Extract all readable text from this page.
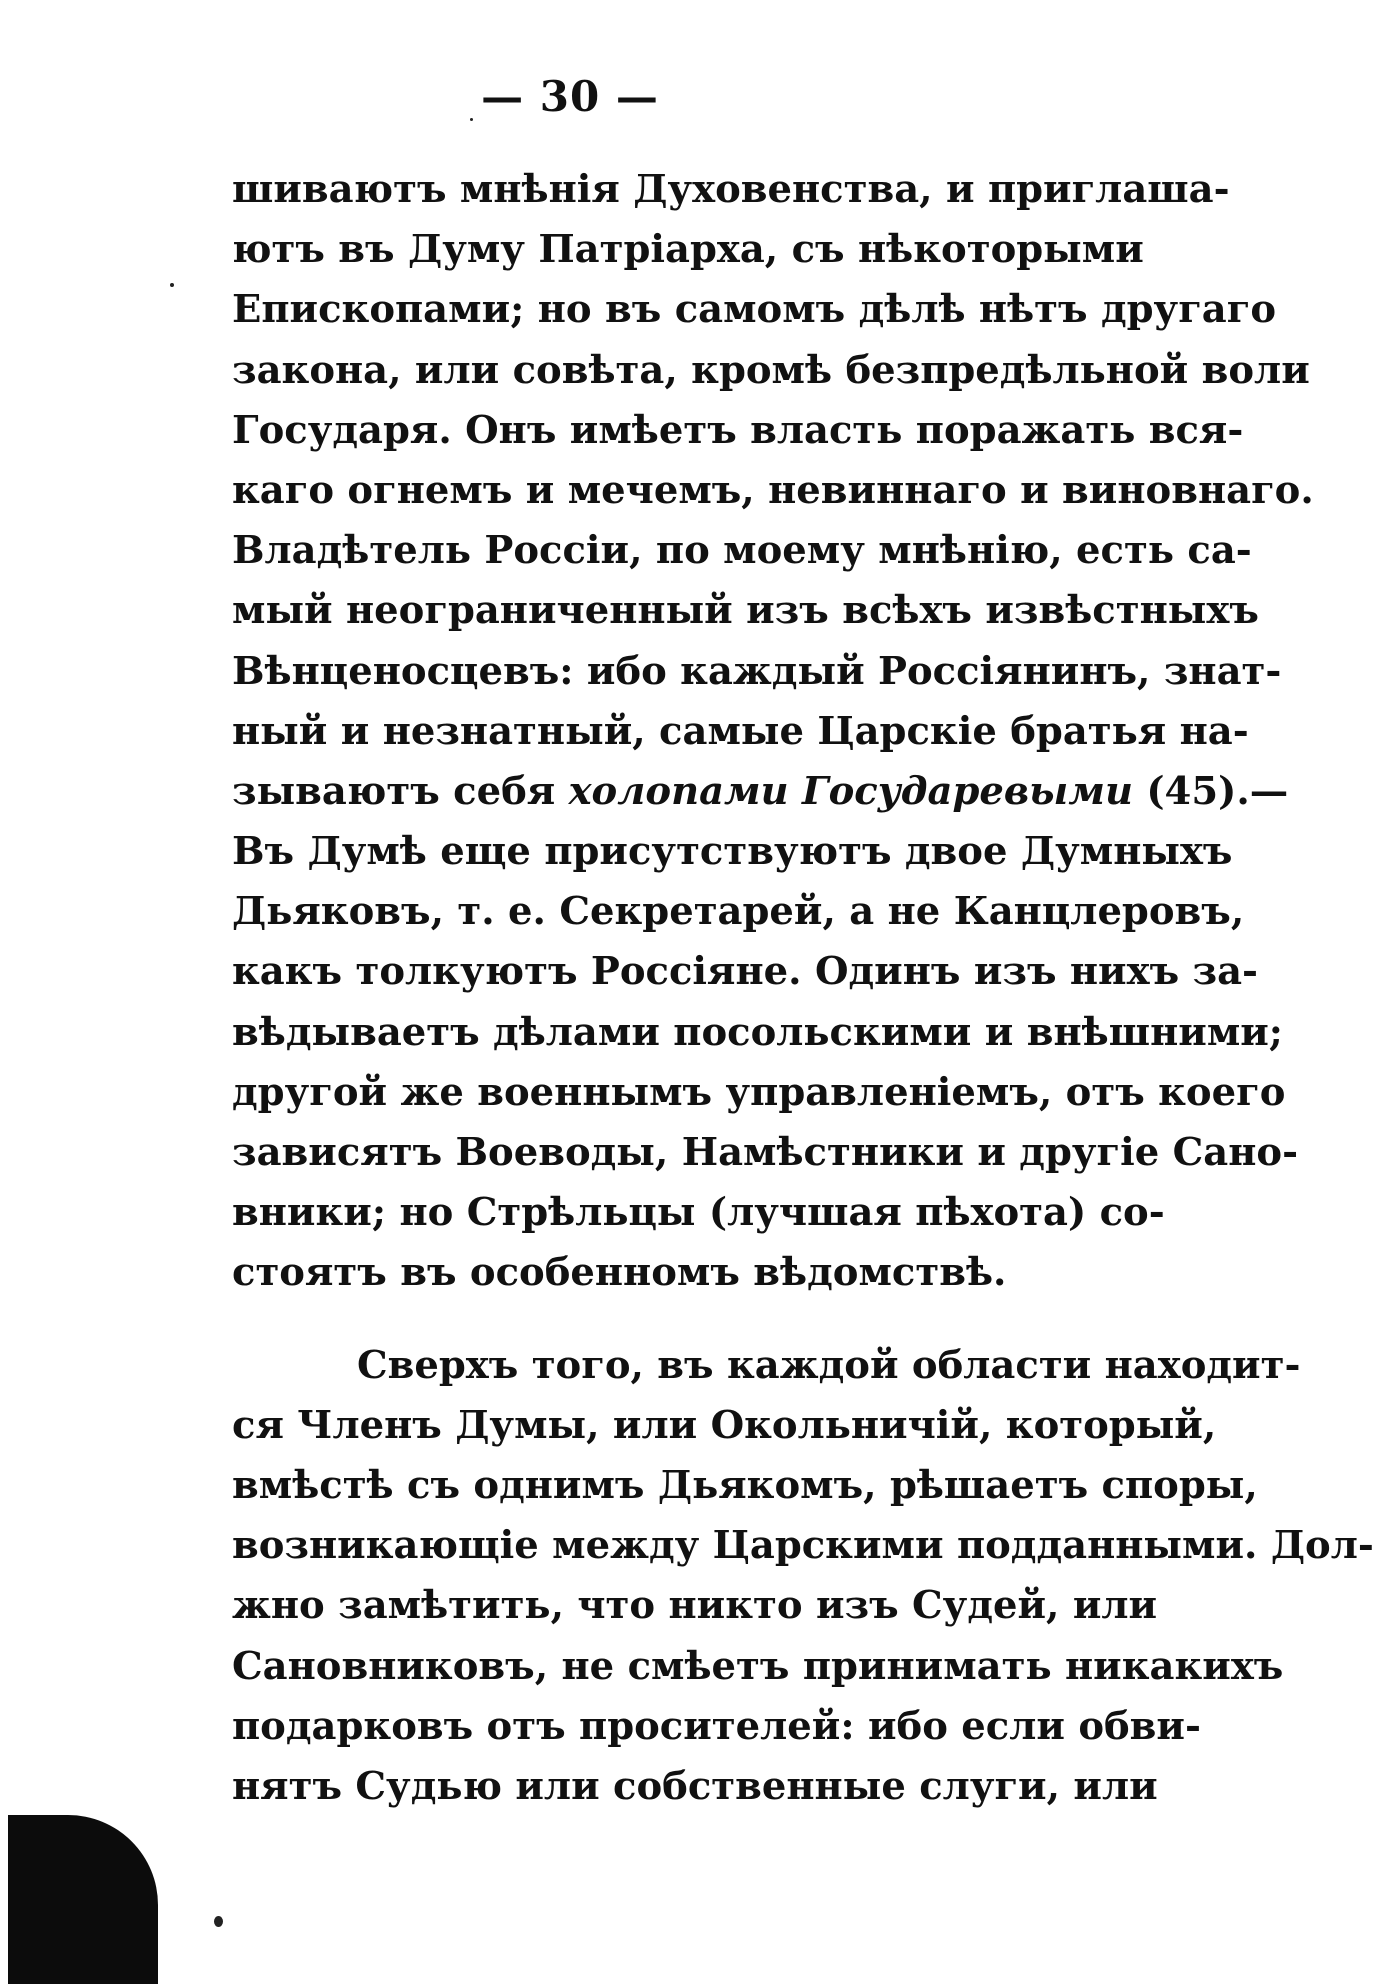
— 30 —
шиваютъ мнѣнія Духовенства, и приглаша-
ютъ въ Думу Патріарха, съ нѣкоторыми
Епископами; но въ самомъ дѣлѣ нѣтъ другаго
закона, или совѣта, кромѣ безпредѣльной воли
Государя. Онъ имѣетъ власть поражать вся-
каго огнемъ и мечемъ, невиннаго и виновнаго.
Владѣтель Россіи, по моему мнѣнію, есть са-
мый неограниченный изъ всѣхъ извѣстныхъ
Вѣнценосцевъ: ибо каждый Россіянинъ, знат-
ный и незнатный, самые Царскіе братья на-
зываютъ себя холопами Государевыми (45).—
Въ Думѣ еще присутствуютъ двое Думныхъ
Дьяковъ, т. е. Секретарей, а не Канцлеровъ,
какъ толкуютъ Россіяне. Одинъ изъ нихъ за-
вѣдываетъ дѣлами посольскими и внѣшними;
другой же военнымъ управленіемъ, отъ коего
зависятъ Воеводы, Намѣстники и другіе Сано-
вники; но Стрѣльцы (лучшая пѣхота) со-
стоятъ въ особенномъ вѣдомствѣ.
Сверхъ того, въ каждой области находит-
ся Членъ Думы, или Окольничій, который,
вмѣстѣ съ однимъ Дьякомъ, рѣшаетъ споры,
возникающіе между Царскими подданными. Дол-
жно замѣтить, что никто изъ Судей, или
Сановниковъ, не смѣетъ принимать никакихъ
подарковъ отъ просителей: ибо если обви-
нятъ Судью или собственные слуги, или
